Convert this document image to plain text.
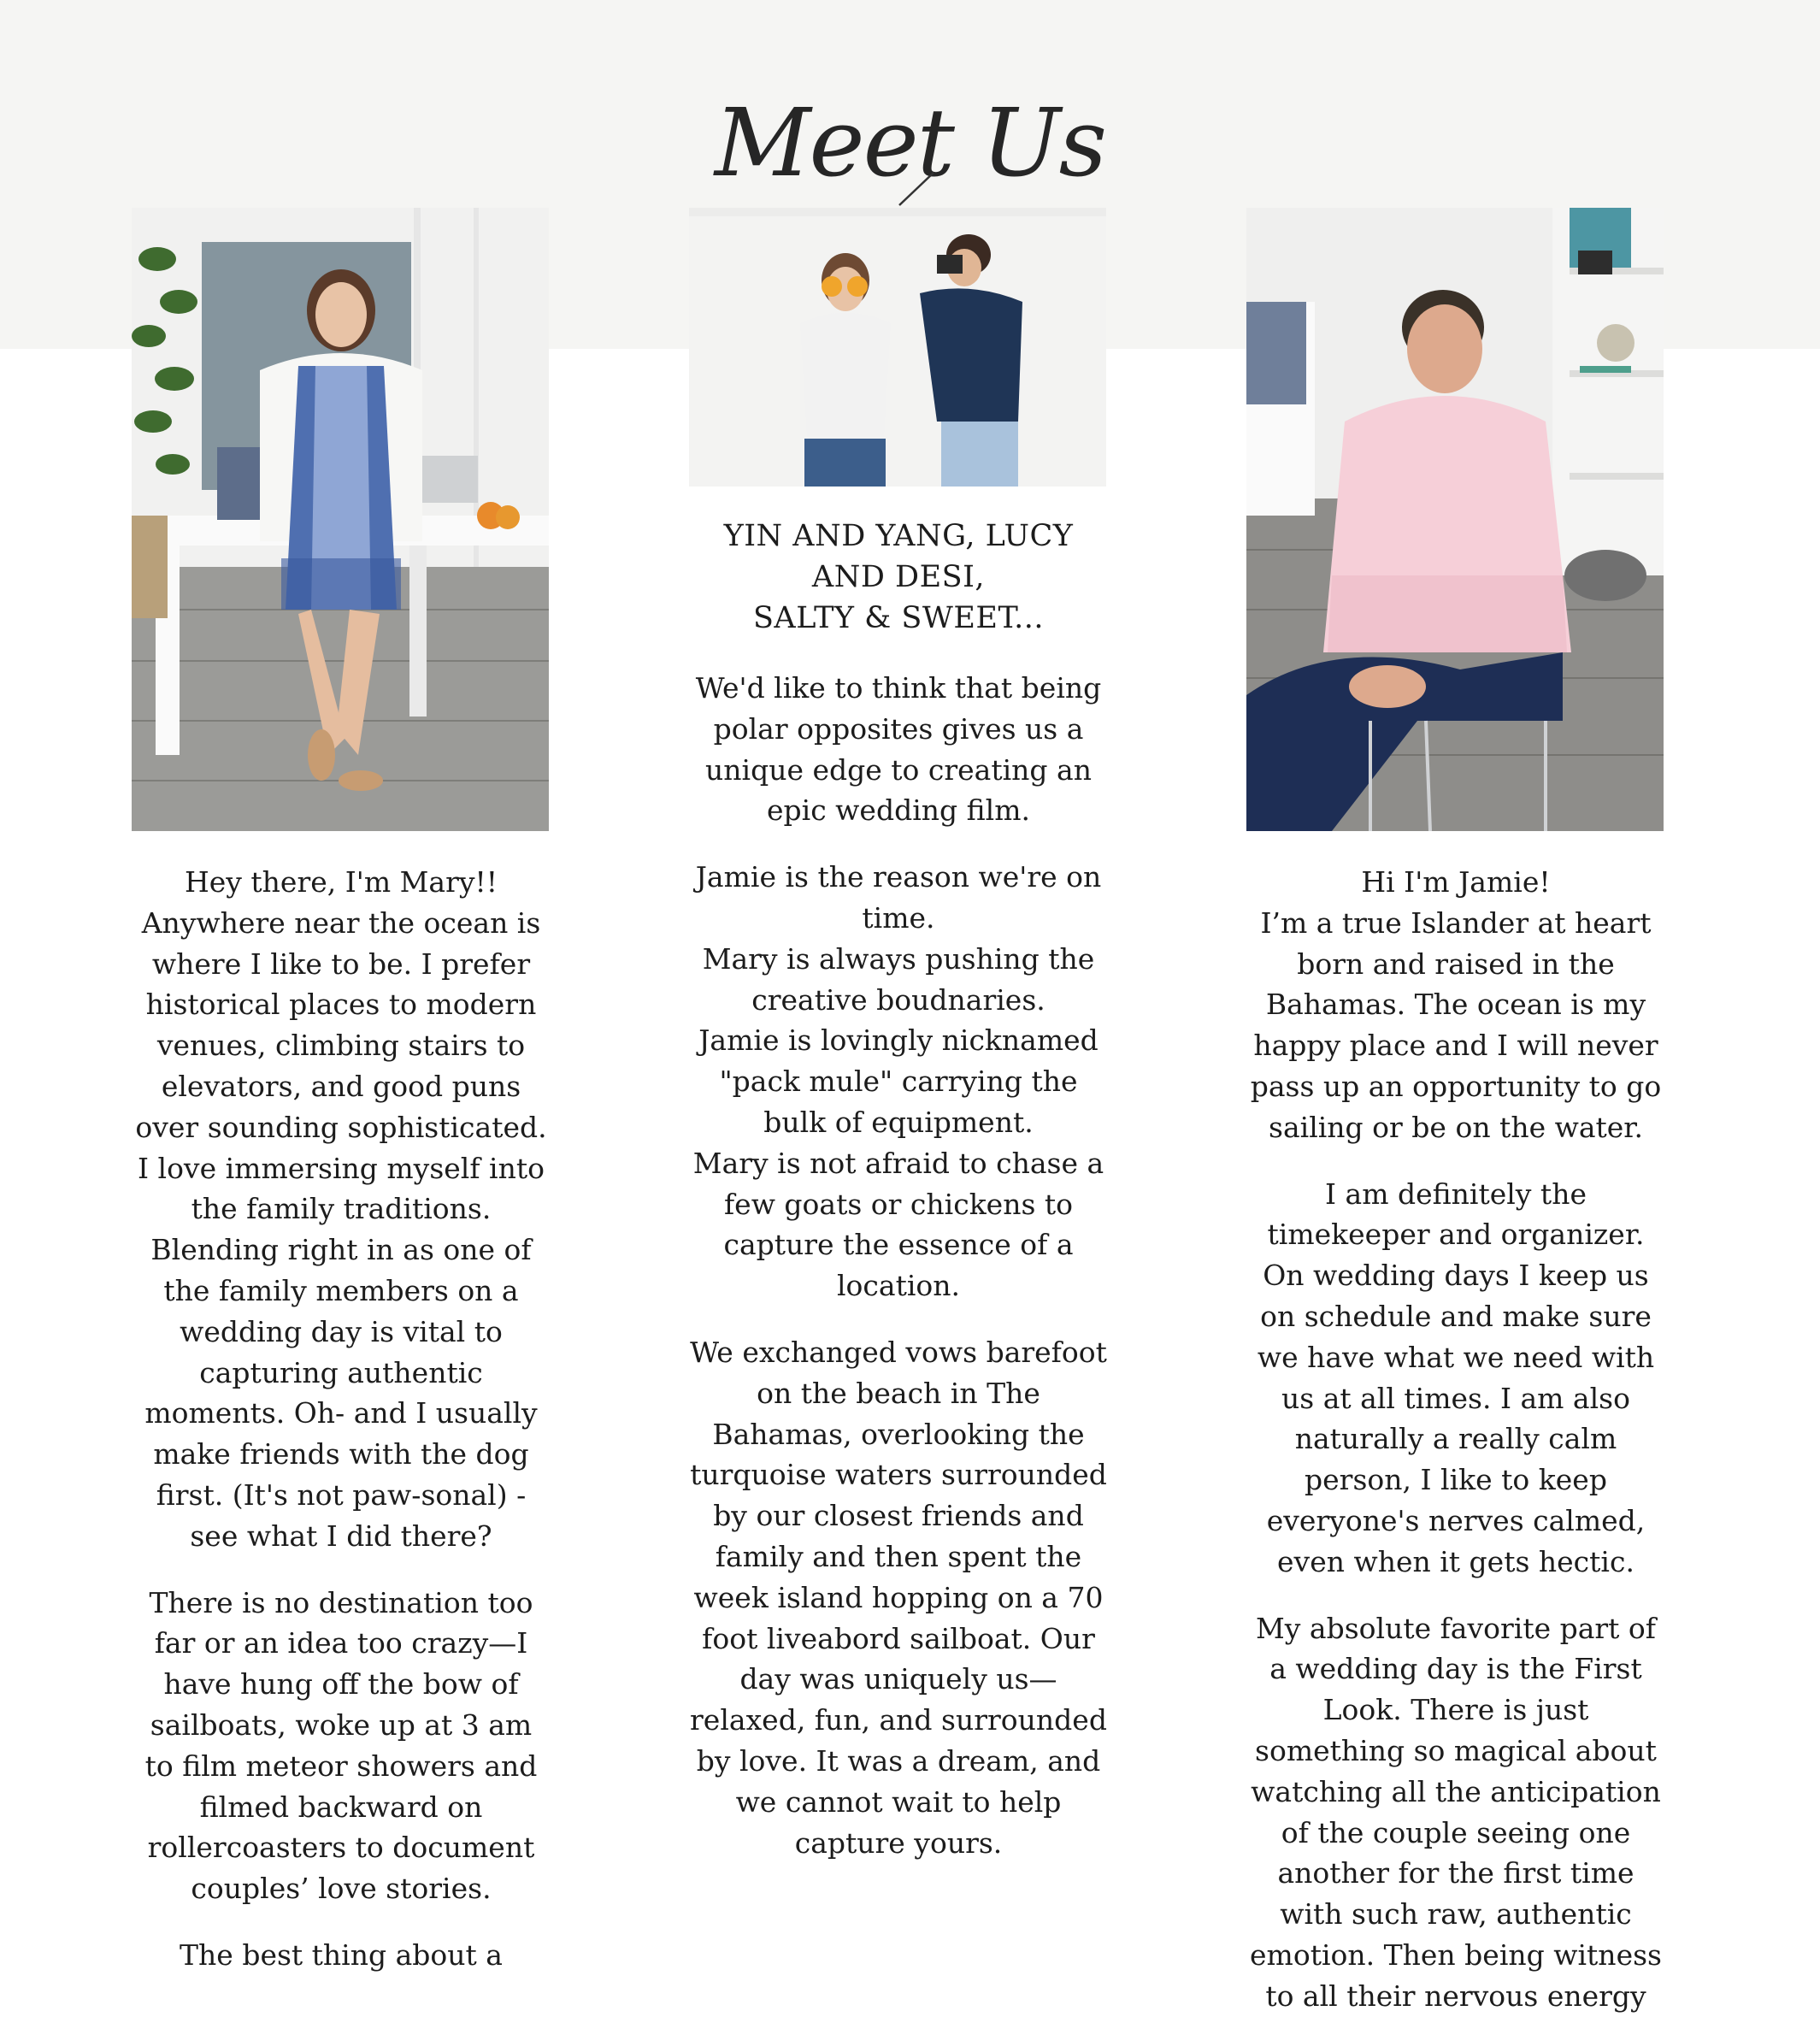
Meet Us

Hey there, I'm Mary!!
Anywhere near the ocean is where I like to be. I prefer historical places to modern venues, climbing stairs to elevators, and good puns over sounding sophisticated.
I love immersing myself into the family traditions. Blending right in as one of the family members on a wedding day is vital to capturing authentic moments. Oh- and I usually make friends with the dog first. (It's not paw-sonal) - see what I did there?

There is no destination too far or an idea too crazy—I have hung off the bow of sailboats, woke up at 3 am to film meteor showers and filmed backward on rollercoasters to document couples’ love stories.

The best thing about a

YIN AND YANG, LUCY AND DESI,
SALTY & SWEET...

We'd like to think that being polar opposites gives us a unique edge to creating an epic wedding film.

Jamie is the reason we're on time.
Mary is always pushing the creative boudnaries.
Jamie is lovingly nicknamed "pack mule" carrying the bulk of equipment.
Mary is not afraid to chase a few goats or chickens to capture the essence of a location.

We exchanged vows barefoot on the beach in The Bahamas, overlooking the turquoise waters surrounded by our closest friends and family and then spent the week island hopping on a 70 foot liveabord sailboat. Our day was uniquely us—relaxed, fun, and surrounded by love. It was a dream, and we cannot wait to help capture yours.

Hi I'm Jamie!
I’m a true Islander at heart born and raised in the Bahamas. The ocean is my happy place and I will never pass up an opportunity to go sailing or be on the water.

I am definitely the timekeeper and organizer. On wedding days I keep us on schedule and make sure we have what we need with us at all times. I am also naturally a really calm person, I like to keep everyone's nerves calmed, even when it gets hectic.

My absolute favorite part of a wedding day is the First Look. There is just something so magical about watching all the anticipation of the couple seeing one another for the first time with such raw, authentic emotion. Then being witness to all their nervous energy
